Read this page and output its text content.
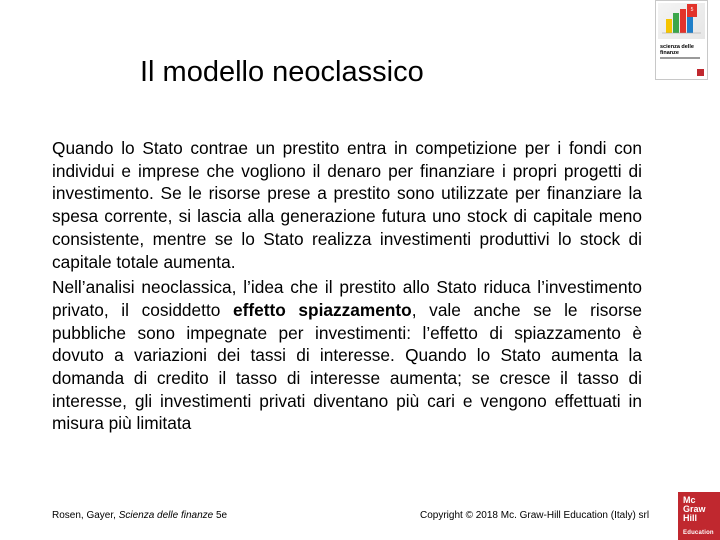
5
scienza delle finanze
Il modello neoclassico

Quando lo Stato contrae un prestito entra in competizione per i fondi con individui e imprese che vogliono il denaro per finanziare i propri progetti di investimento. Se le risorse prese a prestito sono utilizzate per finanziare la spesa corrente, si lascia alla generazione futura uno stock di capitale meno consistente, mentre se lo Stato realizza investimenti produttivi lo stock di capitale totale aumenta.

Nell’analisi neoclassica, l’idea che il prestito allo Stato riduca l’investimento privato, il cosiddetto effetto spiazzamento, vale anche se le risorse pubbliche sono impegnate per investimenti: l’effetto di spiazzamento è dovuto a variazioni dei tassi di interesse. Quando lo Stato aumenta la domanda di credito il tasso di interesse aumenta; se cresce il tasso di interesse, gli investimenti privati diventano più cari e vengono effettuati in misura più limitata

Rosen, Gayer, Scienza delle finanze 5e	Copyright © 2018 Mc. Graw-Hill Education (Italy) srl
Mc
Graw
Hill
Education
